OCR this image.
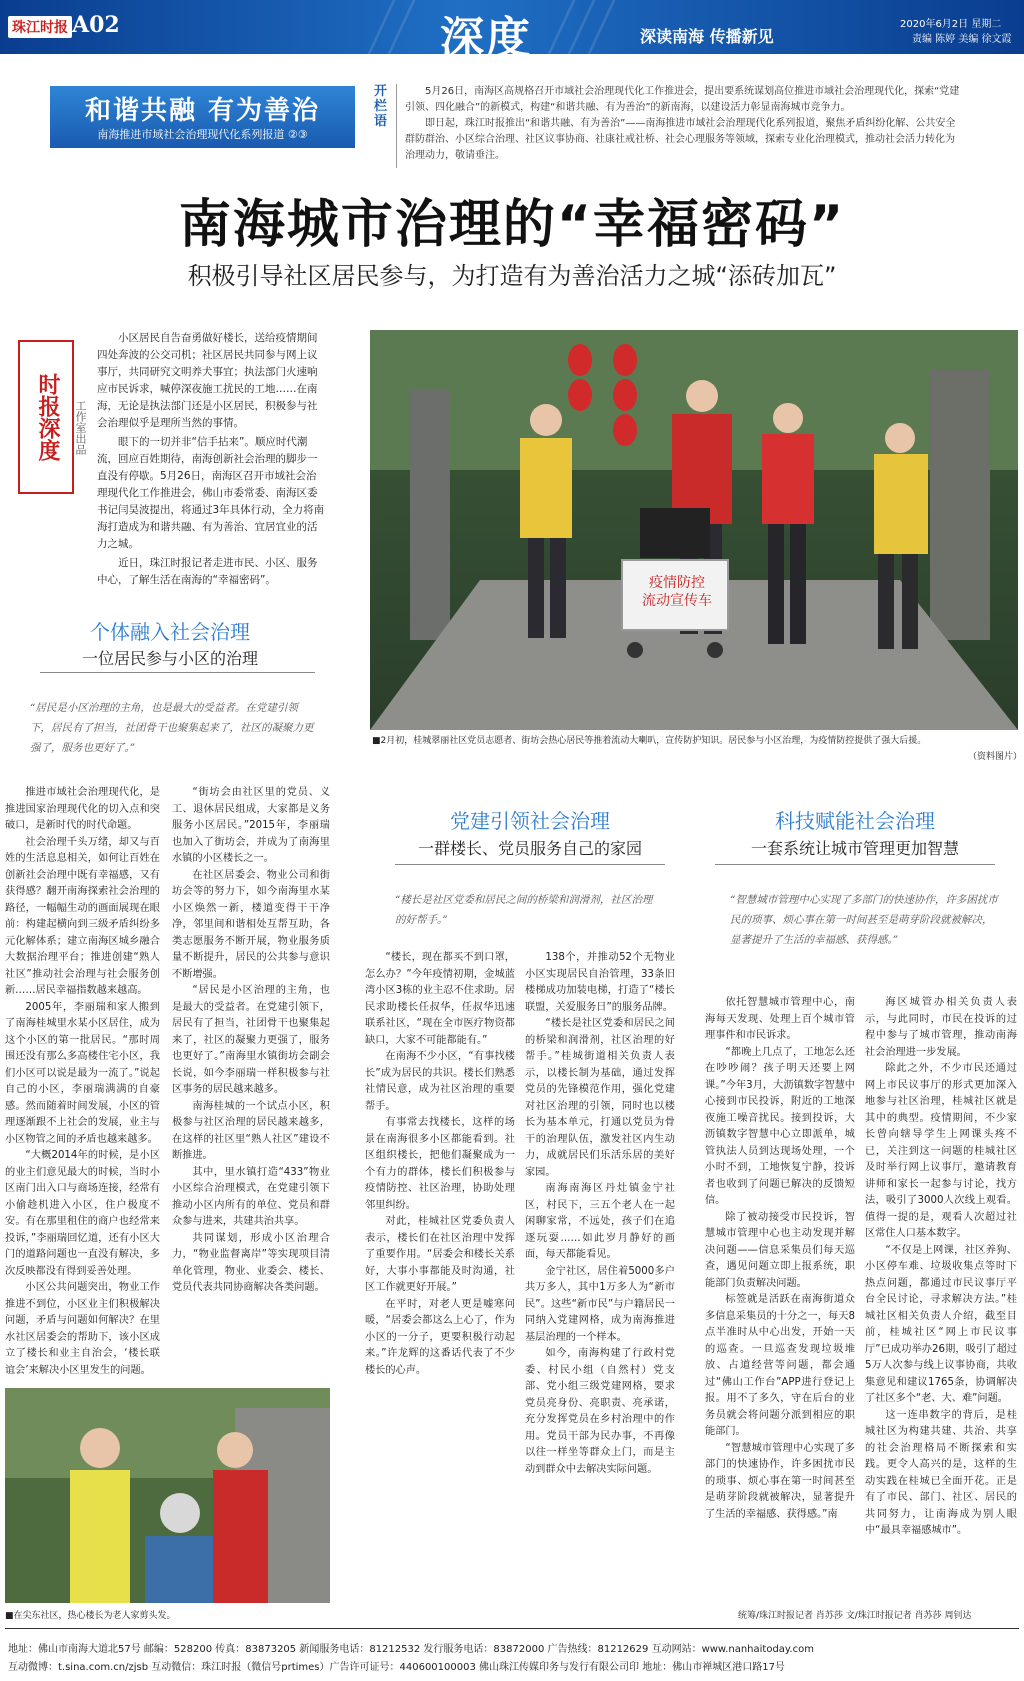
珠江时报 A02	深度	深读南海 传播新见
2020年6月2日 星期二
责编 陈婷 美编 徐文霞
和谐共融 有为善治
南海推进市域社会治理现代化系列报道 ②③
开栏语

5月26日，南海区高规格召开市域社会治理现代化工作推进会，提出要系统谋划高位推进市域社会治理现代化，探索“党建引领、四化融合”的新模式，构建“和谐共融、有为善治”的新南海，以建设活力彰显南海城市竞争力。

即日起，珠江时报推出“和谐共融、有为善治”——南海推进市域社会治理现代化系列报道，聚焦矛盾纠纷化解、公共安全群防群治、小区综合治理、社区议事协商、社康社戒社桥、社会心理服务等领域，探索专业化治理模式，推动社会活力转化为治理动力，敬请垂注。

南海城市治理的“幸福密码”
积极引导社区居民参与，为打造有为善治活力之城“添砖加瓦”
时报深度	工作室出品

小区居民自告奋勇做好楼长，送给疫情期间四处奔波的公交司机；社区居民共同参与网上议事厅，共同研究文明养犬事宜；执法部门火速响应市民诉求，喊停深夜施工扰民的工地……在南海，无论是执法部门还是小区居民，积极参与社会治理似乎是理所当然的事情。

眼下的一切并非“信手拈来”。顺应时代潮流，回应百姓期待，南海创新社会治理的脚步一直没有停歇。5月26日，南海区召开市域社会治理现代化工作推进会，佛山市委常委、南海区委书记闫昊波提出，将通过3年具体行动，全力将南海打造成为和谐共融、有为善治、宜居宜业的活力之城。

近日，珠江时报记者走进市民、小区、服务中心，了解生活在南海的“幸福密码”。

个体融入社会治理
一位居民参与小区的治理
“居民是小区治理的主角，也是最大的受益者。在党建引领下，居民有了担当，社团骨干也聚集起来了，社区的凝聚力更强了，服务也更好了。”
疫情防控
流动宣传车
■2月初，桂城翠丽社区党员志愿者、街坊会热心居民等推着流动大喇叭，宣传防护知识。居民参与小区治理，为疫情防控提供了强大后援。
（资料图片）
党建引领社会治理
一群楼长、党员服务自己的家园
“楼长是社区党委和居民之间的桥梁和润滑剂，社区治理的好帮手。”
科技赋能社会治理
一套系统让城市管理更加智慧
“智慧城市管理中心实现了多部门的快速协作，许多困扰市民的琐事、烦心事在第一时间甚至是萌芽阶段就被解决，显著提升了生活的幸福感、获得感。”

推进市域社会治理现代化，是推进国家治理现代化的切入点和突破口，是新时代的时代命题。

社会治理千头万绪，却又与百姓的生活息息相关，如何让百姓在创新社会治理中既有幸福感，又有获得感？翻开南海探索社会治理的路径，一幅幅生动的画面展现在眼前：构建起横向到三级矛盾纠纷多元化解体系；建立南海区城乡融合大数据治理平台；推进创建“熟人社区”推动社会治理与社会服务创新……居民幸福指数越来越高。

2005年，李丽瑞和家人搬到了南海桂城里水某小区居住，成为这个小区的第一批居民。“那时周围还没有那么多高楼住宅小区，我们小区可以说是最为一流了。”说起自己的小区，李丽瑞满满的自豪感。然而随着时间发展，小区的管理逐渐跟不上社会的发展，业主与小区物管之间的矛盾也越来越多。

“大概2014年的时候，是小区的业主们意见最大的时候，当时小区南门出入口与商场连接，经常有小偷趁机进入小区，住户极度不安。有在那里租住的商户也经常来投诉，”李丽瑞回忆道，还有小区大门的道路问题也一直没有解决，多次反映都没有得到妥善处理。

小区公共问题突出，物业工作推进不到位，小区业主们积极解决问题，矛盾与问题如何解决？在里水社区居委会的帮助下，该小区成立了楼长和业主自治会，‘楼长联谊会’来解决小区里发生的问题。

“街坊会由社区里的党员、义工、退休居民组成，大家都是义务服务小区居民。”2015年，李丽瑞也加入了街坊会，并成为了南海里水镇的小区楼长之一。

在社区居委会、物业公司和街坊会等的努力下，如今南海里水某小区焕然一新，楼道变得干干净净，邻里间和谐相处互帮互助，各类志愿服务不断开展，物业服务质量不断提升，居民的公共参与意识不断增强。

“居民是小区治理的主角，也是最大的受益者。在党建引领下，居民有了担当，社团骨干也聚集起来了，社区的凝聚力更强了，服务也更好了。”南海里水镇街坊会副会长说，如今李丽瑞一样积极参与社区事务的居民越来越多。

南海桂城的一个试点小区，积极参与社区治理的居民越来越多，在这样的社区里“熟人社区”建设不断推进。

其中，里水镇打造“433”物业小区综合治理模式，在党建引领下推动小区内所有的单位、党员和群众参与进来，共建共治共享。

共同谋划，形成小区治理合力，“物业监督离岸”等实现项目清单化管理，物业、业委会、楼长、党员代表共同协商解决各类问题。

“楼长，现在都买不到口罩，怎么办？”今年疫情初期，金城蓝湾小区3栋的业主忍不住求助。居民求助楼长任叔华，任叔华迅速联系社区，“现在全市医疗物资都缺口，大家不可能都能有。”

在南海不少小区，“有事找楼长”成为居民的共识。楼长们熟悉社情民意，成为社区治理的重要帮手。

有事常去找楼长，这样的场景在南海很多小区都能看到。社区组织楼长，把他们凝聚成为一个有力的群体，楼长们积极参与疫情防控、社区治理，协助处理邻里纠纷。

对此，桂城社区党委负责人表示，楼长们在社区治理中发挥了重要作用。“居委会和楼长关系好，大事小事都能及时沟通，社区工作就更好开展。”

在平时，对老人更是嘘寒问暖，“居委会都这么上心了，作为小区的一分子，更要积极行动起来。”许龙辉的这番话代表了不少楼长的心声。

138个，并推动52个无物业小区实现居民自治管理，33条旧楼梯成功加装电梯，打造了“楼长联盟，关爱服务日”的服务品牌。

“楼长是社区党委和居民之间的桥梁和润滑剂，社区治理的好帮手。”桂城街道相关负责人表示，以楼长制为基础，通过发挥党员的先锋模范作用，强化党建对社区治理的引领，同时也以楼长为基本单元，打通以党员为骨干的治理队伍，激发社区内生动力，成就居民们乐活乐居的美好家园。

南海南海区丹灶镇金宁社区，村民下，三五个老人在一起闲聊家常，不远处，孩子们在追逐玩耍……如此岁月静好的画面，每天都能看见。

金宁社区，居住着5000多户共万多人，其中1万多人为“新市民”。这些“新市民”与户籍居民一同纳入党建网格，成为南海推进基层治理的一个样本。

如今，南海构建了行政村党委、村民小组（自然村）党支部、党小组三级党建网格，要求党员亮身份、亮职责、亮承诺，充分发挥党员在乡村治理中的作用。党员干部为民办事，不再像以往一样坐等群众上门，而是主动到群众中去解决实际问题。

依托智慧城市管理中心，南海每天发现、处理上百个城市管理事件和市民诉求。

“都晚上几点了，工地怎么还在吵吵闹？孩子明天还要上网课。”今年3月，大沥镇数字智慧中心接到市民投诉，附近的工地深夜施工噪音扰民。接到投诉，大沥镇数字智慧中心立即派单，城管执法人员到达现场处理，一个小时不到，工地恢复宁静，投诉者也收到了问题已解决的反馈短信。

除了被动接受市民投诉，智慧城市管理中心也主动发现并解决问题——信息采集员们每天巡查，遇见问题立即上报系统，职能部门负责解决问题。

标签就是活跃在南海街道众多信息采集员的十分之一，每天8点半准时从中心出发，开始一天的巡查。一旦巡查发现垃圾堆放、占道经营等问题，都会通过“佛山工作台”APP进行登记上报。用不了多久，守在后台的业务员就会将问题分派到相应的职能部门。

“智慧城市管理中心实现了多部门的快速协作，许多困扰市民的琐事、烦心事在第一时间甚至是萌芽阶段就被解决，显著提升了生活的幸福感、获得感。”南

海区城管办相关负责人表示，与此同时，市民在投诉的过程中参与了城市管理，推动南海社会治理进一步发展。

除此之外，不少市民还通过网上市民议事厅的形式更加深入地参与社区治理，桂城社区就是其中的典型。疫情期间，不少家长曾向辖导学生上网课头疼不已，关注到这一问题的桂城社区及时举行网上议事厅，邀请教育讲师和家长一起参与讨论，找方法，吸引了3000人次线上观看。值得一提的是，观看人次超过社区常住人口基本数字。

“不仅是上网课，社区养狗、小区停车难、垃圾收集点等时下热点问题，都通过市民议事厅平台全民讨论，寻求解决方法。”桂城社区相关负责人介绍，截至目前，桂城社区“网上市民议事厅”已成功举办26期，吸引了超过5万人次参与线上议事协商，共收集意见和建议1765条，协调解决了社区多个“老、大、难”问题。

这一连串数字的背后，是桂城社区为构建共建、共治、共享的社会治理格局不断探索和实践。更令人高兴的是，这样的生动实践在桂城已全面开花。正是有了市民、部门、社区、居民的共同努力，让南海成为别人眼中“最具幸福感城市”。

■在尖东社区，热心楼长为老人家剪头发。	统筹/珠江时报记者 肖苏莎 文/珠江时报记者 肖苏莎 周钊达
地址：佛山市南海大道北57号 邮编：528200 传真：83873205 新闻服务电话：81212532 发行服务电话：83872000 广告热线：81212629 互动网站：www.nanhaitoday.com
互动微博：t.sina.com.cn/zjsb 互动微信：珠江时报（微信号prtimes）广告许可证号：440600100003 佛山珠江传媒印务与发行有限公司印 地址：佛山市禅城区港口路17号
